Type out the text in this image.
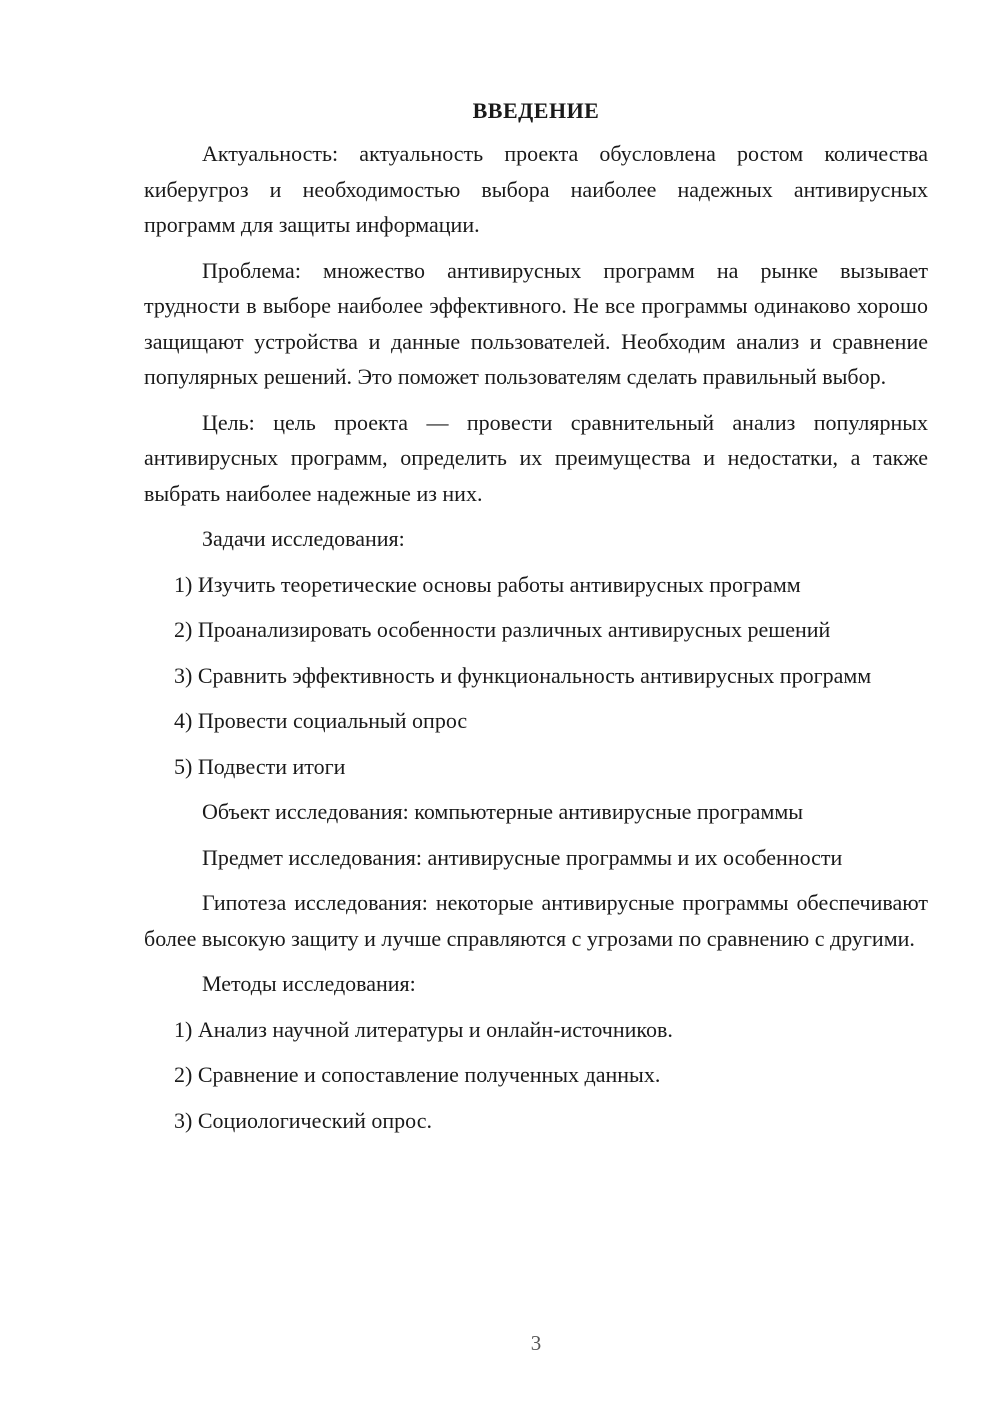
ВВЕДЕНИЕ

Актуальность: актуальность проекта обусловлена ростом количества киберугроз и необходимостью выбора наиболее надежных антивирусных программ для защиты информации.

Проблема: множество антивирусных программ на рынке вызывает трудности в выборе наиболее эффективного. Не все программы одинаково хорошо защищают устройства и данные пользователей. Необходим анализ и сравнение популярных решений. Это поможет пользователям сделать правильный выбор.

Цель: цель проекта — провести сравнительный анализ популярных антивирусных программ, определить их преимущества и недостатки, а также выбрать наиболее надежные из них.

Задачи исследования:

1) Изучить теоретические основы работы антивирусных программ

2) Проанализировать особенности различных антивирусных решений

3) Сравнить эффективность и функциональность антивирусных программ

4) Провести социальный опрос

5) Подвести итоги

Объект исследования: компьютерные антивирусные программы

Предмет исследования: антивирусные программы и их особенности

Гипотеза исследования: некоторые антивирусные программы обеспечивают более высокую защиту и лучше справляются с угрозами по сравнению с другими.

Методы исследования:

1) Анализ научной литературы и онлайн-источников.

2) Сравнение и сопоставление полученных данных.

3) Социологический опрос.

3
